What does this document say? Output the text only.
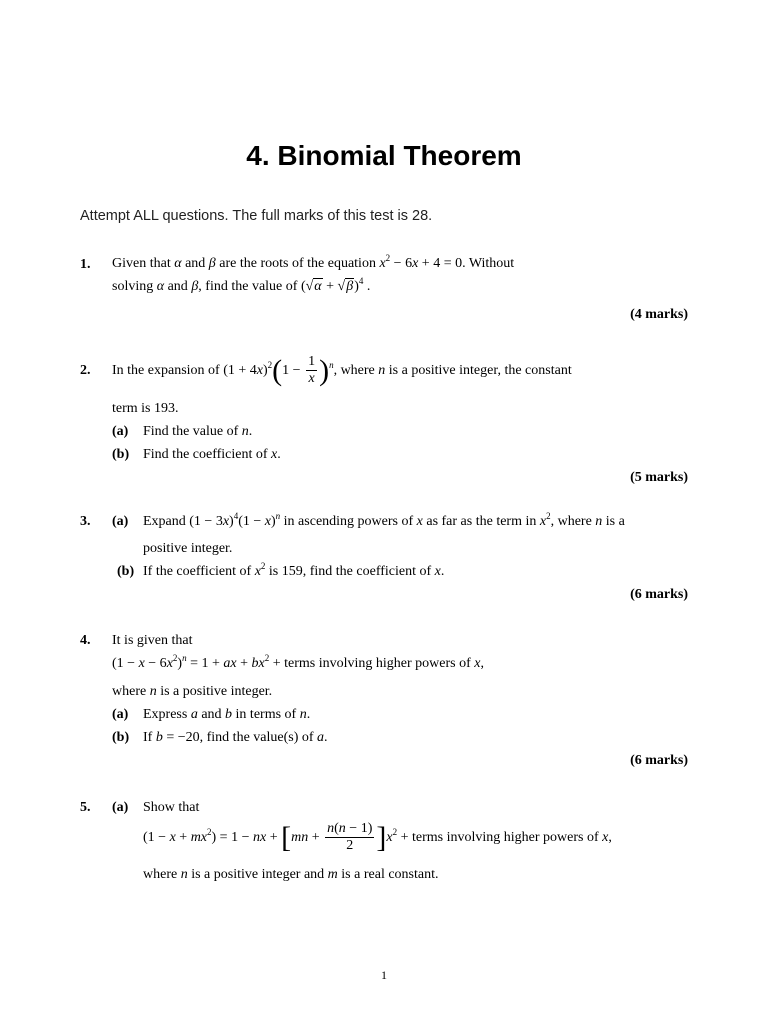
4. Binomial Theorem
Attempt ALL questions. The full marks of this test is 28.
1. Given that α and β are the roots of the equation $x^2 - 6x + 4 = 0$. Without
solving α and β, find the value of $(√\alpha + √\beta)^4$ .
(4 marks)
2. In the expansion of $(1 + 4x)^2(1 - \frac{1}{x} )^n$, where n is a positive integer, the constant
term is 193.
(a) Find the value of n.
(b) Find the coefficient of x.
(5 marks)
3. (a) Expand $(1 - 3x)^4(1 - x)^n$ in ascending powers of x as far as the term in $x^2$, where n is a
positive integer.
(b) If the coefficient of $x^2$ is 159, find the coefficient of x.
(6 marks)
4. It is given that
$(1 - x - 6x^2)^n = 1$ + ax + $bx^2$ + terms involving higher powers of x,
where n is a positive integer.
(a) Express a and b in terms of n.
(b) If b = −20, find the value(s) of a.
(6 marks)
5. (a) Show that
$(1 - x + mx^2) = 1$ − nx + $[mn + \frac{n(n - 1)}{2} ]x^2$ + terms involving higher powers of x,
where n is a positive integer and m is a real constant.
1
